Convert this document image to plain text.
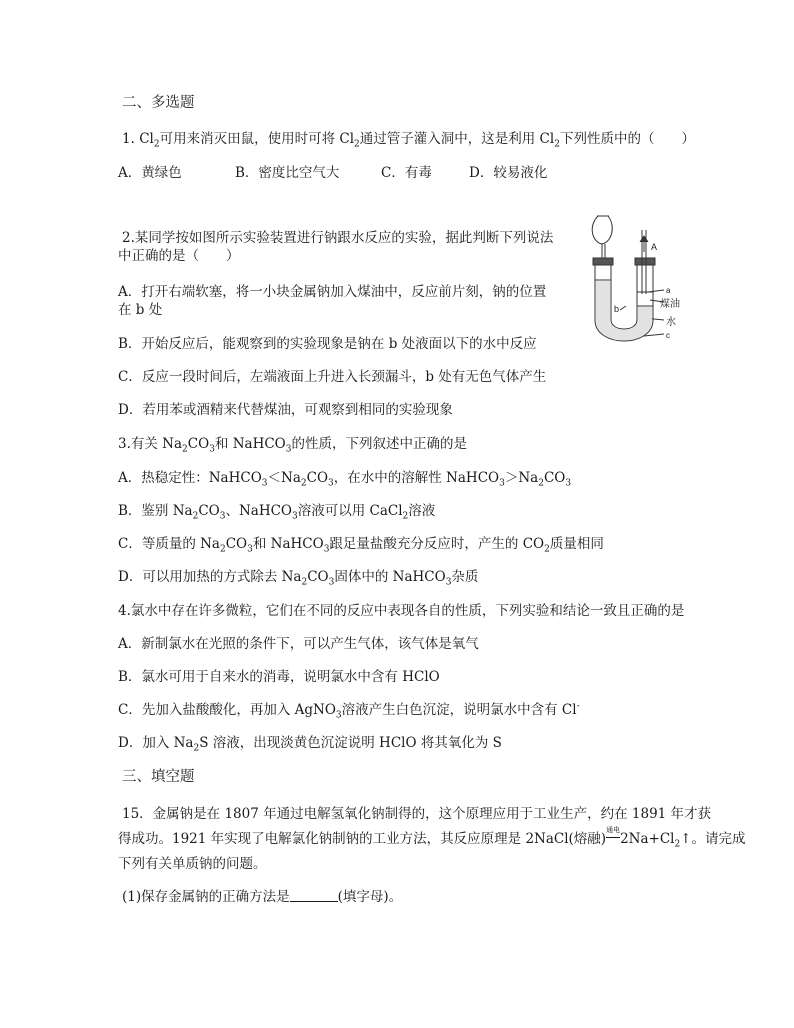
二、多选题
1. $Cl_2$可用来消灭田鼠，使用时可将 $Cl_2$通过管子灌入洞中，这是利用 $Cl_2$下列性质中的（　　）
A．黄绿色	B．密度比空气大	C．有毒	D．较易液化
2.某同学按如图所示实验装置进行钠跟水反应的实验，据此判断下列说法
中正确的是（　　）
A．打开右端软塞，将一小块金属钠加入煤油中，反应前片刻，钠的位置
在 b 处
B．开始反应后，能观察到的实验现象是钠在 b 处液面以下的水中反应
C．反应一段时间后，左端液面上升进入长颈漏斗，b 处有无色气体产生
D．若用苯或酒精来代替煤油，可观察到相同的实验现象
A
a
煤油
b
水
c
3.有关 $Na_2CO_3$和 NaHCO$_3$的性质，下列叙述中正确的是
A．热稳定性：$NaHCO_3<Na_2CO_3$，在水中的溶解性 $NaHCO_3>Na_2CO_3$
B．鉴别 $Na_2CO_3$、NaHCO$_3$溶液可以用 CaCl$_2$溶液
C．等质量的 $Na_2CO_3$和 NaHCO$_3$跟足量盐酸充分反应时，产生的 $CO_2$质量相同
D．可以用加热的方式除去 $Na_2CO_3$固体中的 NaHCO$_3$杂质
4.氯水中存在许多微粒，它们在不同的反应中表现各自的性质，下列实验和结论一致且正确的是
A．新制氯水在光照的条件下，可以产生气体，该气体是氧气
B．氯水可用于自来水的消毒，说明氯水中含有 HClO
C．先加入盐酸酸化，再加入 AgNO$_3$溶液产生白色沉淀，说明氯水中含有 Cl-
D．加入 $Na_2S$ 溶液，出现淡黄色沉淀说明 HClO 将其氧化为 S
三、填空题
15．金属钠是在 1807 年通过电解氢氧化钠制得的，这个原理应用于工业生产，约在 1891 年才获
得成功。1921 年实现了电解氯化钠制钠的工业方法，其反应原理是 2NaCl(熔融)
通电
$2Na+Cl_2↑$。请完成
下列有关单质钠的问题。
(1)保存金属钠的正确方法是	(填字母)。
